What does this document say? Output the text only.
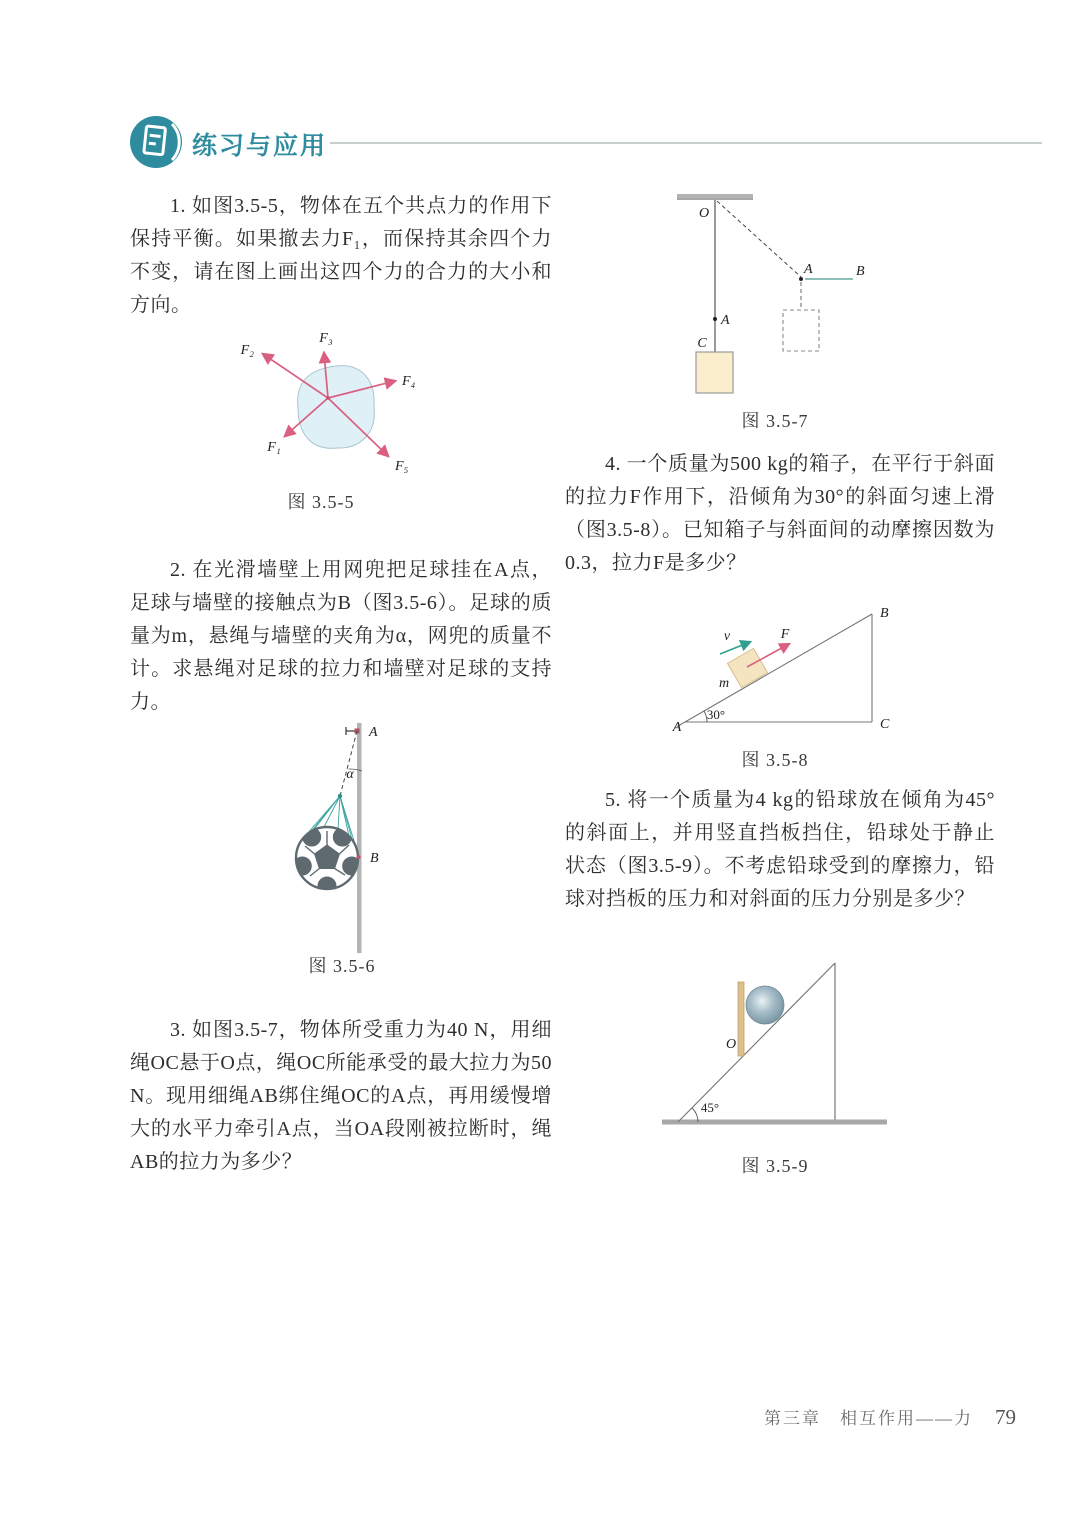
练习与应用

1. 如图3.5-5，物体在五个共点力的作用下保持平衡。如果撤去力F₁，而保持其余四个力不变，请在图上画出这四个力的合力的大小和方向。

2. 在光滑墙壁上用网兜把足球挂在A点，足球与墙壁的接触点为B（图3.5-6）。足球的质量为m，悬绳与墙壁的夹角为α，网兜的质量不计。求悬绳对足球的拉力和墙壁对足球的支持力。

3. 如图3.5-7，物体所受重力为40 N，用细绳OC悬于O点，绳OC所能承受的最大拉力为50 N。现用细绳AB绑住绳OC的A点，再用缓慢增大的水平力牵引A点，当OA段刚被拉断时，绳AB的拉力为多少？

F₂
F₃
F₄
F₁
F₅
图 3.5-5
α
B
A
图 3.5-6
O
A
C
A	B
图 3.5-7

4. 一个质量为500 kg的箱子，在平行于斜面的拉力F作用下，沿倾角为30°的斜面匀速上滑（图3.5-8）。已知箱子与斜面间的动摩擦因数为0.3，拉力F是多少？

30°
v	F
m
A
B
C
图 3.5-8

5. 将一个质量为4 kg的铅球放在倾角为45°的斜面上，并用竖直挡板挡住，铅球处于静止状态（图3.5-9）。不考虑铅球受到的摩擦力，铅球对挡板的压力和对斜面的压力分别是多少？

45°
O
图 3.5-9
第三章　相互作用——力 79
